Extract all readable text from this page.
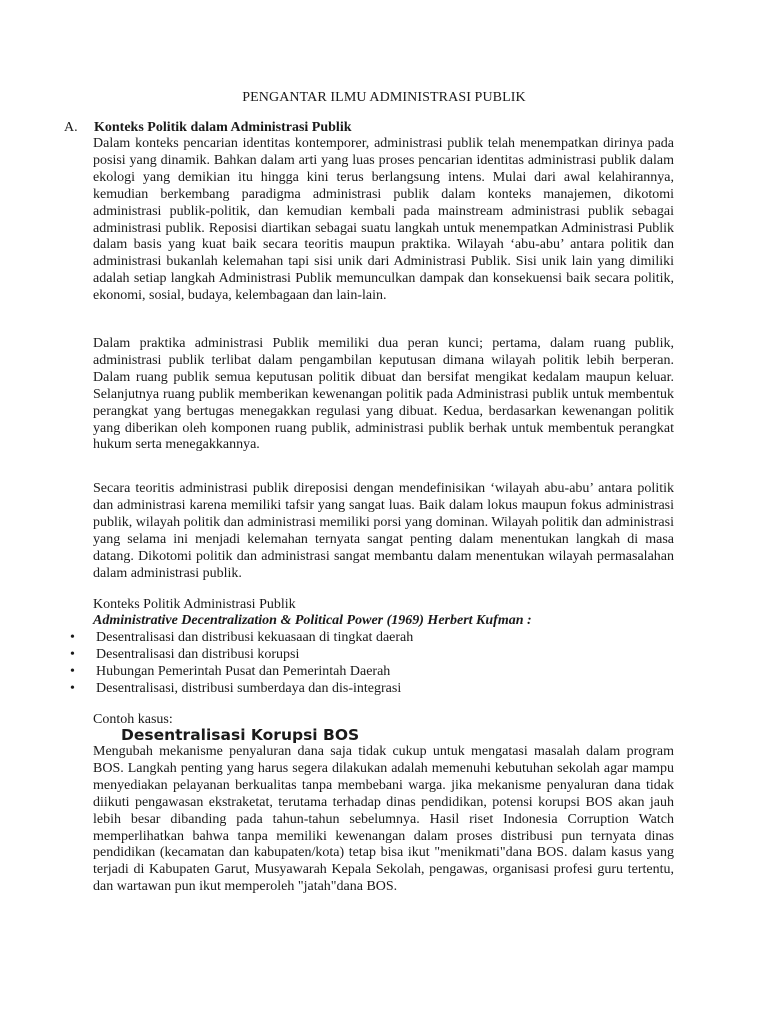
PENGANTAR ILMU ADMINISTRASI PUBLIK
A. Konteks Politik dalam Administrasi Publik

Dalam konteks pencarian identitas kontemporer, administrasi publik telah menempatkan dirinya pada posisi yang dinamik. Bahkan dalam arti yang luas proses pencarian identitas administrasi publik dalam ekologi yang demikian itu hingga kini terus berlangsung intens. Mulai dari awal kelahirannya, kemudian berkembang paradigma administrasi publik dalam konteks manajemen, dikotomi administrasi publik-politik, dan kemudian kembali pada mainstream administrasi publik sebagai administrasi publik. Reposisi diartikan sebagai suatu langkah untuk menempatkan Administrasi Publik dalam basis yang kuat baik secara teoritis maupun praktika. Wilayah ‘abu-abu’ antara politik dan administrasi bukanlah kelemahan tapi sisi unik dari Administrasi Publik. Sisi unik lain yang dimiliki adalah setiap langkah Administrasi Publik memunculkan dampak dan konsekuensi baik secara politik, ekonomi, sosial, budaya, kelembagaan dan lain-lain.

Dalam praktika administrasi Publik memiliki dua peran kunci; pertama, dalam ruang publik, administrasi publik terlibat dalam pengambilan keputusan dimana wilayah politik lebih berperan. Dalam ruang publik semua keputusan politik dibuat dan bersifat mengikat kedalam maupun keluar. Selanjutnya ruang publik memberikan kewenangan politik pada Administrasi publik untuk membentuk perangkat yang bertugas menegakkan regulasi yang dibuat. Kedua, berdasarkan kewenangan politik yang diberikan oleh komponen ruang publik, administrasi publik berhak untuk membentuk perangkat hukum serta menegakkannya.

Secara teoritis administrasi publik direposisi dengan mendefinisikan ‘wilayah abu-abu’ antara politik dan administrasi karena memiliki tafsir yang sangat luas. Baik dalam lokus maupun fokus administrasi publik, wilayah politik dan administrasi memiliki porsi yang dominan. Wilayah politik dan administrasi yang selama ini menjadi kelemahan ternyata sangat penting dalam menentukan langkah di masa datang. Dikotomi politik dan administrasi sangat membantu dalam menentukan wilayah permasalahan dalam administrasi publik.

Konteks Politik Administrasi Publik
Administrative Decentralization & Political Power (1969) Herbert Kufman :
• Desentralisasi dan distribusi kekuasaan di tingkat daerah
• Desentralisasi dan distribusi korupsi
• Hubungan Pemerintah Pusat dan Pemerintah Daerah
• Desentralisasi, distribusi sumberdaya dan dis-integrasi
Contoh kasus:
Desentralisasi Korupsi BOS

Mengubah mekanisme penyaluran dana saja tidak cukup untuk mengatasi masalah dalam program BOS. Langkah penting yang harus segera dilakukan adalah memenuhi kebutuhan sekolah agar mampu menyediakan pelayanan berkualitas tanpa membebani warga. jika mekanisme penyaluran dana tidak diikuti pengawasan ekstraketat, terutama terhadap dinas pendidikan, potensi korupsi BOS akan jauh lebih besar dibanding pada tahun-tahun sebelumnya. Hasil riset Indonesia Corruption Watch memperlihatkan bahwa tanpa memiliki kewenangan dalam proses distribusi pun ternyata dinas pendidikan (kecamatan dan kabupaten/kota) tetap bisa ikut "menikmati"dana BOS. dalam kasus yang terjadi di Kabupaten Garut, Musyawarah Kepala Sekolah, pengawas, organisasi profesi guru tertentu, dan wartawan pun ikut memperoleh "jatah"dana BOS.
